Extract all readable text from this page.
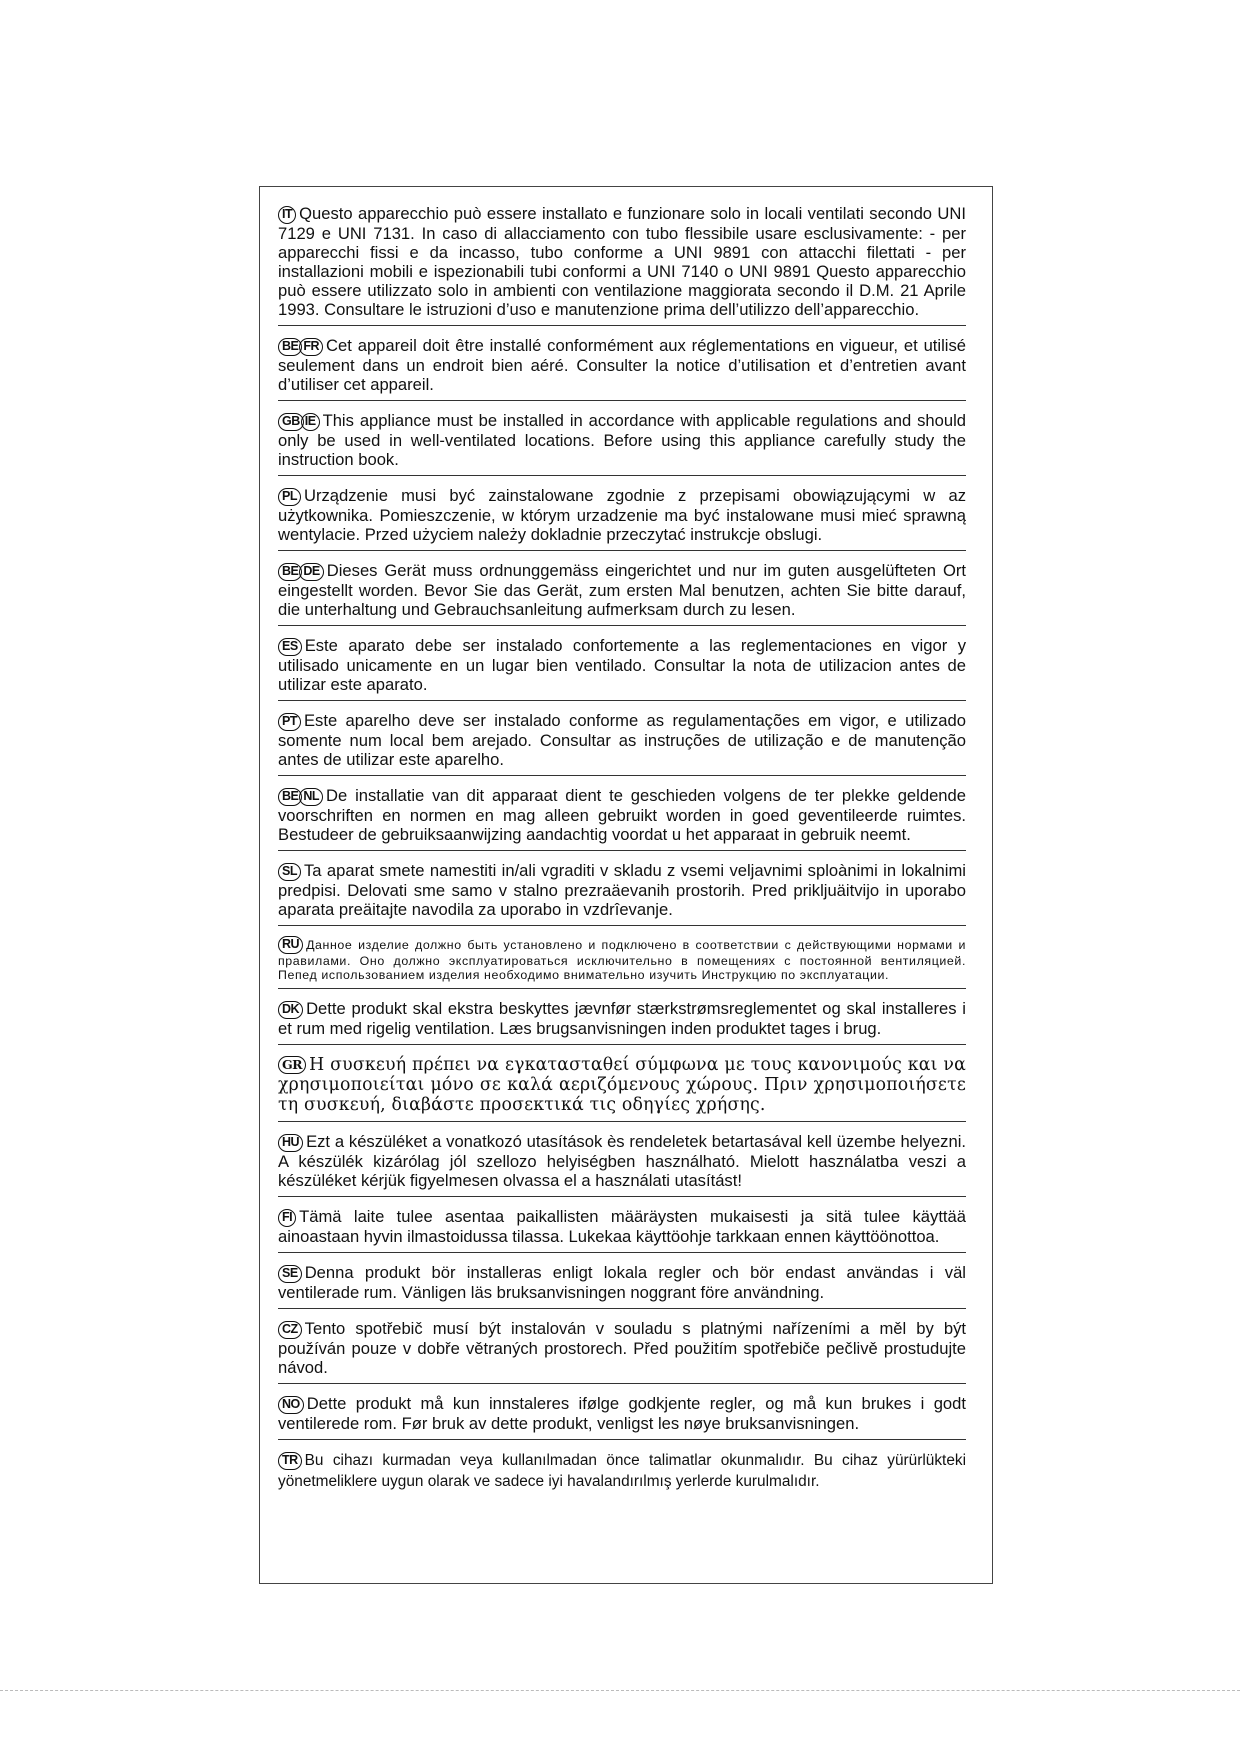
IT Questo apparecchio può essere installato e funzionare solo in locali ventilati secondo UNI 7129 e UNI 7131. In caso di allacciamento con tubo flessibile usare esclusivamente: - per apparecchi fissi e da incasso, tubo conforme a UNI 9891 con attacchi filettati - per installazioni mobili e ispezionabili tubi conformi a UNI 7140 o UNI 9891 Questo apparecchio può essere utilizzato solo in ambienti con ventilazione maggiorata secondo il D.M. 21 Aprile 1993. Consultare le istruzioni d’uso e manutenzione prima dell’utilizzo dell’apparecchio.

BE FR Cet appareil doit être installé conformément aux réglementations en vigueur, et utilisé seulement dans un endroit bien aéré. Consulter la notice d’utilisation et d’entretien avant d’utiliser cet appareil.

GB IE This appliance must be installed in accordance with applicable regulations and should only be used in well-ventilated locations. Before using this appliance carefully study the instruction book.

PL Urządzenie musi być zainstalowane zgodnie z przepisami obowiązującymi w az użytkownika. Pomieszczenie, w którym urzadzenie ma być instalowane musi mieć sprawną wentylacie. Przed użyciem należy dokladnie przeczytać instrukcje obslugi.

BE DE Dieses Gerät muss ordnunggemäss eingerichtet und nur im guten ausgelüfteten Ort eingestellt worden. Bevor Sie das Gerät, zum ersten Mal benutzen, achten Sie bitte darauf, die unterhaltung und Gebrauchsanleitung aufmerksam durch zu lesen.

ES Este aparato debe ser instalado confortemente a las reglementaciones en vigor y utilisado unicamente en un lugar bien ventilado. Consultar la nota de utilizacion antes de utilizar este aparato.

PT Este aparelho deve ser instalado conforme as regulamentações em vigor, e utilizado somente num local bem arejado. Consultar as instruções de utilização e de manutenção antes de utilizar este aparelho.

BE NL De installatie van dit apparaat dient te geschieden volgens de ter plekke geldende voorschriften en normen en mag alleen gebruikt worden in goed geventileerde ruimtes. Bestudeer de gebruiksaanwijzing aandachtig voordat u het apparaat in gebruik neemt.

SL Ta aparat smete namestiti in/ali vgraditi v skladu z vsemi veljavnimi sploànimi in lokalnimi predpisi. Delovati sme samo v stalno prezraäevanih prostorih. Pred prikljuäitvijo in uporabo aparata preäitajte navodila za uporabo in vzdrîevanje.

RU Данное изделие должно быть установлено и подключено в соответствии с действующими нормами и правилами. Оно должно эксплуатироваться исключительно в помещениях с постоянной вентиляцией. Пепед использованием изделия необходимо внимательно изучить Инструкцию по эксплуатации.

DK Dette produkt skal ekstra beskyttes jævnfør stærkstrømsreglementet og skal installeres i et rum med rigelig ventilation. Læs brugsanvisningen inden produktet tages i brug.

GR Η συσκευή πρέπει να εγκατασταθεί σύμφωνα με τους κανονιμούς και να χρησιμοποιείται μόνο σε καλά αεριζόμενους χώρους. Πριν χρησιμοποιήσετε τη συσκευή, διαβάστε προσεκτικά τις οδηγίες χρήσης.

HU Ezt a készüléket a vonatkozó utasítások ès rendeletek betartasával kell üzembe helyezni. A készülék kizárólag jól szellozo helyiségben használható. Mielott használatba veszi a készüléket kérjük figyelmesen olvassa el a használati utasítást!

FI Tämä laite tulee asentaa paikallisten määräysten mukaisesti ja sitä tulee käyttää ainoastaan hyvin ilmastoidussa tilassa. Lukekaa käyttöohje tarkkaan ennen käyttöönottoa.

SE Denna produkt bör installeras enligt lokala regler och bör endast användas i väl ventilerade rum. Vänligen läs bruksanvisningen noggrant före användning.

CZ Tento spotřebič musí být instalován v souladu s platnými nařízeními a měl by být používán pouze v dobře větraných prostorech. Před použitím spotřebiče pečlivě prostudujte návod.

NO Dette produkt må kun innstaleres ifølge godkjente regler, og må kun brukes i godt ventilerede rom. Før bruk av dette produkt, venligst les nøye bruksanvisningen.

TR Bu cihazı kurmadan veya kullanılmadan önce talimatlar okunmalıdır. Bu cihaz yürürlükteki yönetmeliklere uygun olarak ve sadece iyi havalandırılmış yerlerde kurulmalıdır.
